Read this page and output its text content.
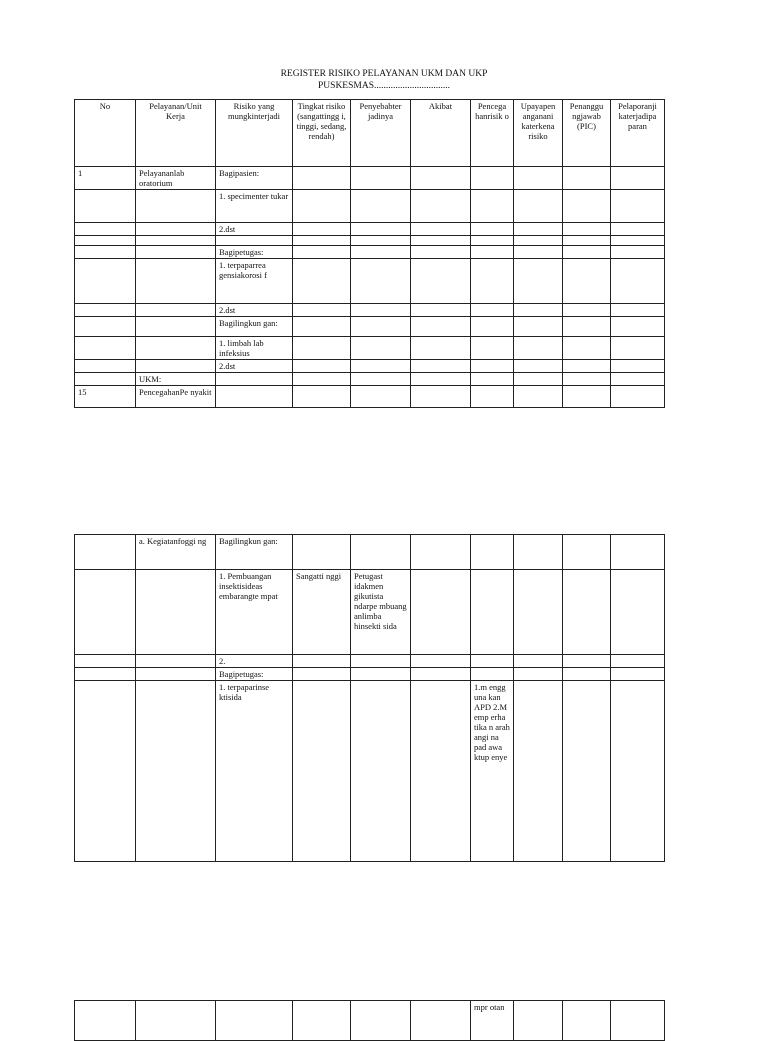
REGISTER RISIKO PELAYANAN UKM DAN UKP
PUSKESMAS................................
No	Pelayanan/Unit Kerja	Risiko yang mungkinterjadi	Tingkat risiko (sangattingg i, tinggi, sedang, rendah)	Penyebabter jadinya	Akibat	Pencega hanrisik o	Upayapen anganani katerkena risiko	Penanggu ngjawab (PIC)	Pelaporanji katerjadipa paran
1	Pelayananlab oratorium	Bagipasien:							
		1. specimenter tukar							
		2.dst							

		Bagipetugas:							
		1. terpaparrea gensiakorosi f							
		2.dst							
		Bagilingkun gan:							
		1. limbah lab infeksius							
		2.dst							
	UKM:								
15	PencegahanPe nyakit								
	a. Kegiatanfoggi ng	Bagilingkun gan:							
		1. Pembuangan insektisideas embarangte mpat	Sangatti nggi	Petugast idakmen gikutista ndarpe mbuang anlimba hinsekti sida					
		2.							
		Bagipetugas:							
		1. terpaparinse ktisida				1.m engg una kan APD 2.M emp erha tika n arah angi na pad awa ktup enye			
						mpr otan			
